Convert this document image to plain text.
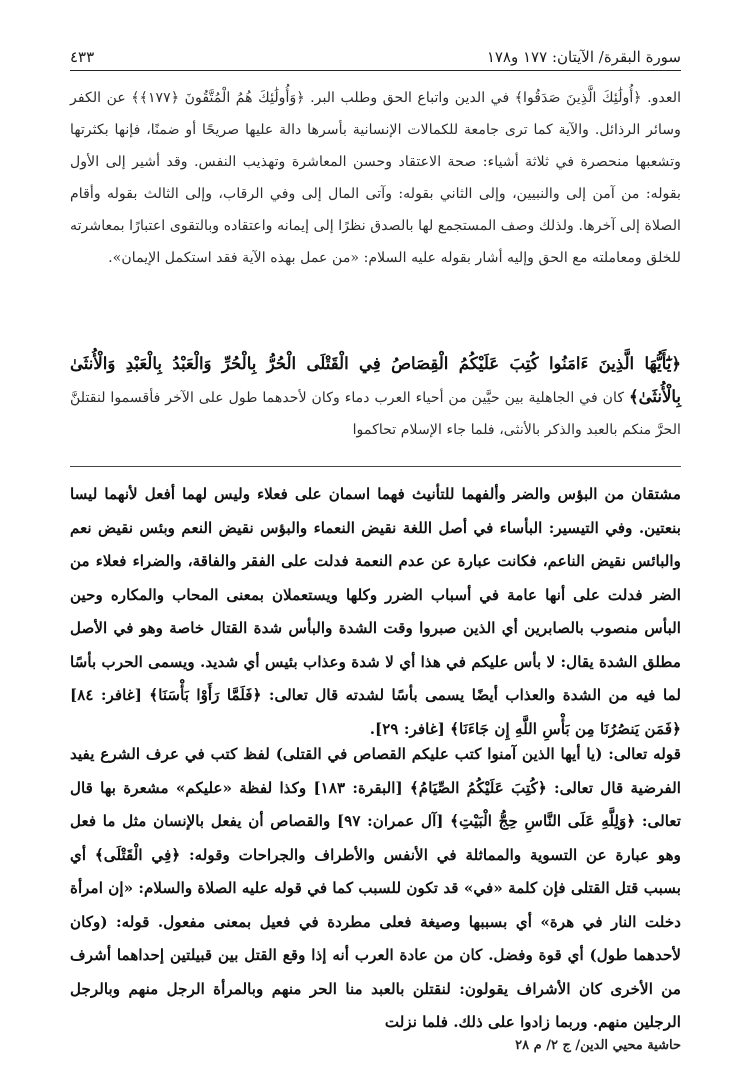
سورة البقرة/ الآيتان: ١٧٧ و١٧٨
٤٣٣

العدو. ﴿أُولَٰئِكَ الَّذِينَ صَدَقُوا﴾ في الدين واتباع الحق وطلب البر. ﴿وَأُولَٰئِكَ هُمُ الْمُتَّقُونَ ﴿١٧٧﴾﴾ عن الكفر وسائر الرذائل. والآية كما ترى جامعة للكمالات الإنسانية بأسرها دالة عليها صريحًا أو ضمنًا، فإنها بكثرتها وتشعبها منحصرة في ثلاثة أشياء: صحة الاعتقاد وحسن المعاشرة وتهذيب النفس. وقد أشير إلى الأول بقوله: من آمن إلى والنبيين، وإلى الثاني بقوله: وآتى المال إلى وفي الرقاب، وإلى الثالث بقوله وأقام الصلاة إلى آخرها. ولذلك وصف المستجمع لها بالصدق نظرًا إلى إيمانه واعتقاده وبالتقوى اعتبارًا بمعاشرته للخلق ومعاملته مع الحق وإليه أشار بقوله عليه السلام: «من عمل بهذه الآية فقد استكمل الإيمان».

﴿يَٰٓأَيُّهَا الَّذِينَ ءَامَنُوا كُتِبَ عَلَيْكُمُ الْقِصَاصُ فِي الْقَتْلَى الْحُرُّ بِالْحُرِّ وَالْعَبْدُ بِالْعَبْدِ وَالْأُنثَىٰ بِالْأُنثَىٰ﴾ كان في الجاهلية بين حيَّين من أحياء العرب دماء وكان لأحدهما طول على الآخر فأقسموا لنقتلنَّ الحرَّ منكم بالعبد والذكر بالأنثى، فلما جاء الإسلام تحاكموا

مشتقان من البؤس والضر وألفهما للتأنيث فهما اسمان على فعلاء وليس لهما أفعل لأنهما ليسا بنعتين. وفي التيسير: البأساء في أصل اللغة نقيض النعماء والبؤس نقيض النعم وبئس نقيض نعم والبائس نقيض الناعم، فكانت عبارة عن عدم النعمة فدلت على الفقر والفاقة، والضراء فعلاء من الضر فدلت على أنها عامة في أسباب الضرر وكلها ويستعملان بمعنى المحاب والمكاره وحين البأس منصوب بالصابرين أي الذين صبروا وقت الشدة والبأس شدة القتال خاصة وهو في الأصل مطلق الشدة يقال: لا بأس عليكم في هذا أي لا شدة وعذاب بئيس أي شديد. ويسمى الحرب بأسًا لما فيه من الشدة والعذاب أيضًا يسمى بأسًا لشدته قال تعالى: ﴿فَلَمَّا رَأَوْا بَأْسَنَا﴾ [غافر: ٨٤] ﴿فَمَن يَنصُرُنَا مِن بَأْسِ اللَّهِ إِن جَاءَنَا﴾ [غافر: ٢٩].

قوله تعالى: (يا أيها الذين آمنوا كتب عليكم القصاص في القتلى) لفظ كتب في عرف الشرع يفيد الفرضية قال تعالى: ﴿كُتِبَ عَلَيْكُمُ الصِّيَامُ﴾ [البقرة: ١٨٣] وكذا لفظة «عليكم» مشعرة بها قال تعالى: ﴿وَلِلَّهِ عَلَى النَّاسِ حِجُّ الْبَيْتِ﴾ [آل عمران: ٩٧] والقصاص أن يفعل بالإنسان مثل ما فعل وهو عبارة عن التسوية والمماثلة في الأنفس والأطراف والجراحات وقوله: ﴿فِي الْقَتْلَى﴾ أي بسبب قتل القتلى فإن كلمة «في» قد تكون للسبب كما في قوله عليه الصلاة والسلام: «إن امرأة دخلت النار في هرة» أي بسببها وصيغة فعلى مطردة في فعيل بمعنى مفعول. قوله: (وكان لأحدهما طول) أي قوة وفضل. كان من عادة العرب أنه إذا وقع القتل بين قبيلتين إحداهما أشرف من الأخرى كان الأشراف يقولون: لنقتلن بالعبد منا الحر منهم وبالمرأة الرجل منهم وبالرجل الرجلين منهم. وربما زادوا على ذلك. فلما نزلت

حاشية محيي الدين/ ج ٢/ م ٢٨
